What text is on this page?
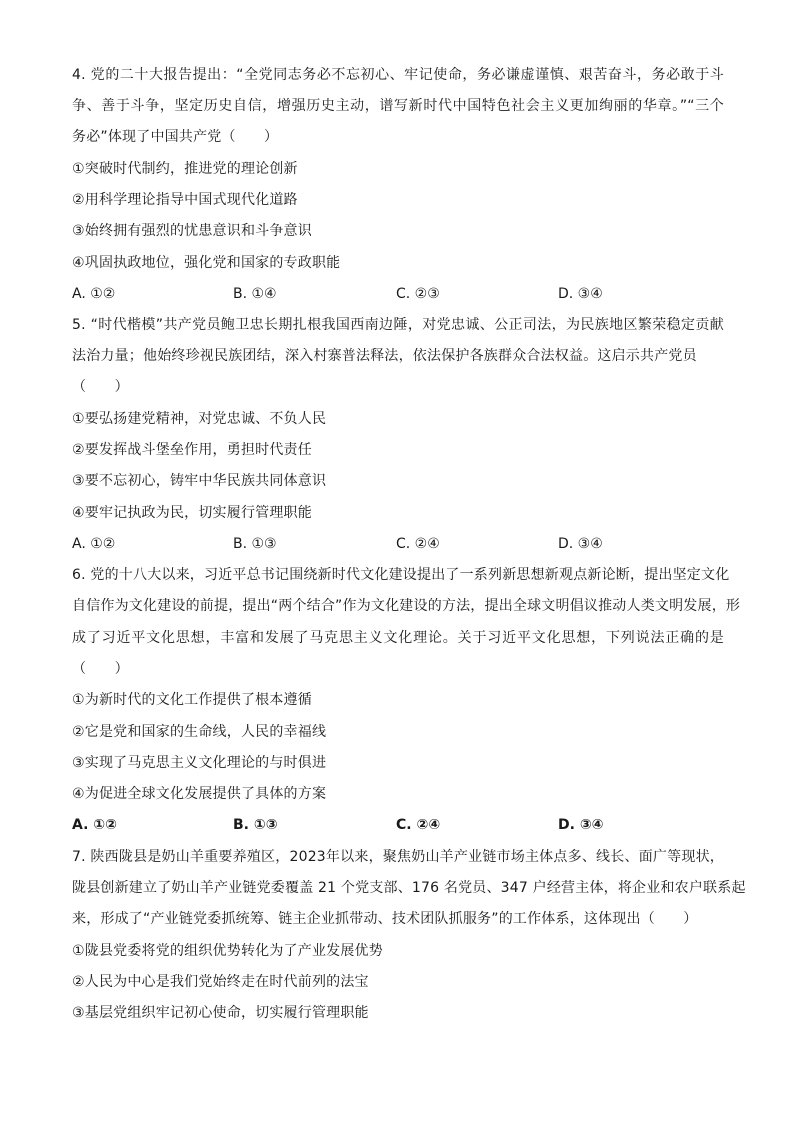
4. 党的二十大报告提出：“全党同志务必不忘初心、牢记使命，务必谦虚谨慎、艰苦奋斗，务必敢于斗
争、善于斗争，坚定历史自信，增强历史主动，谱写新时代中国特色社会主义更加绚丽的华章。”“三个
务必”体现了中国共产党（　　）
①突破时代制约，推进党的理论创新
②用科学理论指导中国式现代化道路
③始终拥有强烈的忧患意识和斗争意识
④巩固执政地位，强化党和国家的专政职能
A. ①②	B. ①④	C. ②③	D. ③④
5. “时代楷模”共产党员鲍卫忠长期扎根我国西南边陲，对党忠诚、公正司法，为民族地区繁荣稳定贡献
法治力量；他始终珍视民族团结，深入村寨普法释法，依法保护各族群众合法权益。这启示共产党员
（　　）
①要弘扬建党精神，对党忠诚、不负人民
②要发挥战斗堡垒作用，勇担时代责任
③要不忘初心，铸牢中华民族共同体意识
④要牢记执政为民，切实履行管理职能
A. ①②	B. ①③	C. ②④	D. ③④
6. 党的十八大以来，习近平总书记围绕新时代文化建设提出了一系列新思想新观点新论断，提出坚定文化
自信作为文化建设的前提，提出“两个结合”作为文化建设的方法，提出全球文明倡议推动人类文明发展，形
成了习近平文化思想，丰富和发展了马克思主义文化理论。关于习近平文化思想，下列说法正确的是
（　　）
①为新时代的文化工作提供了根本遵循
②它是党和国家的生命线，人民的幸福线
③实现了马克思主义文化理论的与时俱进
④为促进全球文化发展提供了具体的方案
A. ①②	B. ①③	C. ②④	D. ③④
7. 陕西陇县是奶山羊重要养殖区，2023年以来，聚焦奶山羊产业链市场主体点多、线长、面广等现状，
陇县创新建立了奶山羊产业链党委覆盖 21 个党支部、176 名党员、347 户经营主体，将企业和农户联系起
来，形成了“产业链党委抓统筹、链主企业抓带动、技术团队抓服务”的工作体系，这体现出（　　）
①陇县党委将党的组织优势转化为了产业发展优势
②人民为中心是我们党始终走在时代前列的法宝
③基层党组织牢记初心使命，切实履行管理职能
